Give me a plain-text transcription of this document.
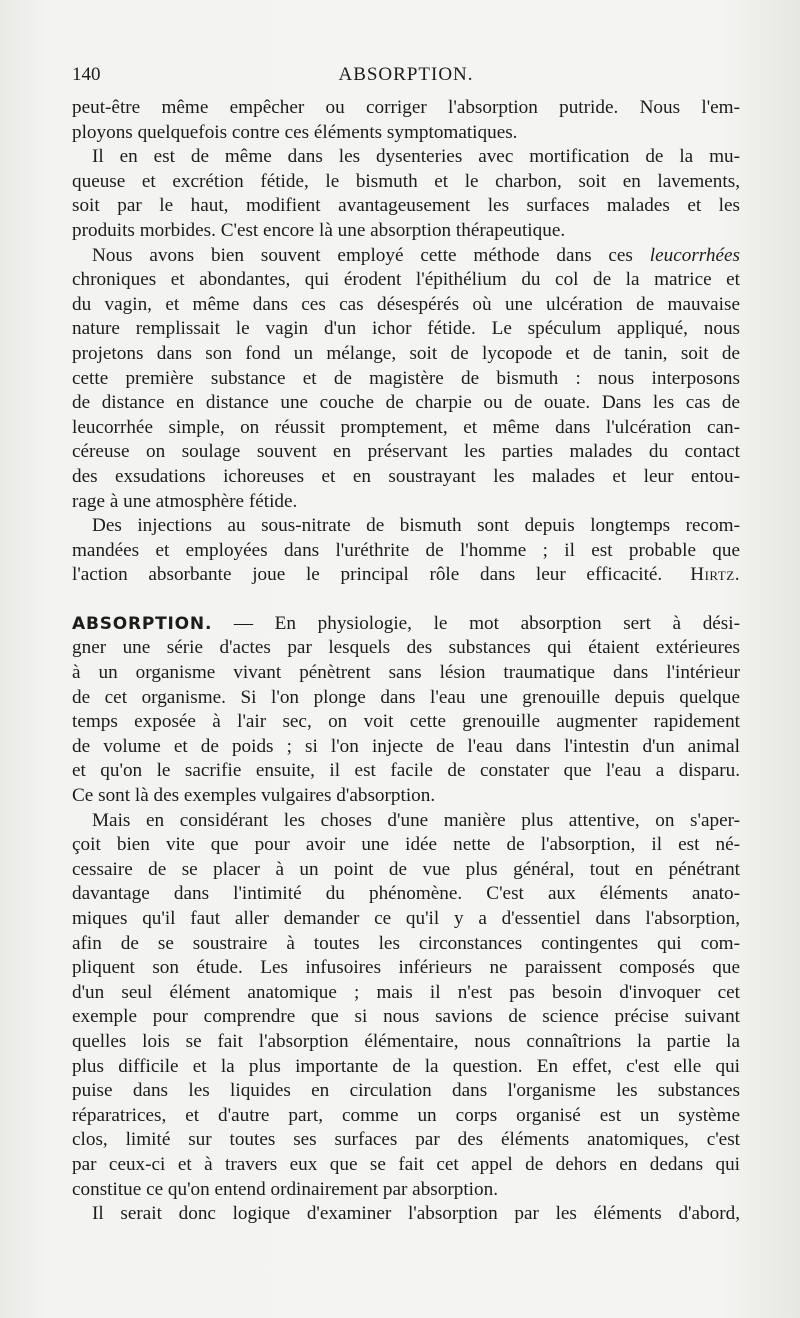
140	ABSORPTION.
peut-être même empêcher ou corriger l'absorption putride. Nous l'em-
ployons quelquefois contre ces éléments symptomatiques.
Il en est de même dans les dysenteries avec mortification de la mu-
queuse et excrétion fétide, le bismuth et le charbon, soit en lavements,
soit par le haut, modifient avantageusement les surfaces malades et les
produits morbides. C'est encore là une absorption thérapeutique.
Nous avons bien souvent employé cette méthode dans ces leucorrhées
chroniques et abondantes, qui érodent l'épithélium du col de la matrice et
du vagin, et même dans ces cas désespérés où une ulcération de mauvaise
nature remplissait le vagin d'un ichor fétide. Le spéculum appliqué, nous
projetons dans son fond un mélange, soit de lycopode et de tanin, soit de
cette première substance et de magistère de bismuth : nous interposons
de distance en distance une couche de charpie ou de ouate. Dans les cas de
leucorrhée simple, on réussit promptement, et même dans l'ulcération can-
céreuse on soulage souvent en préservant les parties malades du contact
des exsudations ichoreuses et en soustrayant les malades et leur entou-
rage à une atmosphère fétide.
Des injections au sous-nitrate de bismuth sont depuis longtemps recom-
mandées et employées dans l'uréthrite de l'homme ; il est probable que
l'action absorbante joue le principal rôle dans leur efficacité. Hirtz.
ABSORPTION. — En physiologie, le mot absorption sert à dési-
gner une série d'actes par lesquels des substances qui étaient extérieures
à un organisme vivant pénètrent sans lésion traumatique dans l'intérieur
de cet organisme. Si l'on plonge dans l'eau une grenouille depuis quelque
temps exposée à l'air sec, on voit cette grenouille augmenter rapidement
de volume et de poids ; si l'on injecte de l'eau dans l'intestin d'un animal
et qu'on le sacrifie ensuite, il est facile de constater que l'eau a disparu.
Ce sont là des exemples vulgaires d'absorption.
Mais en considérant les choses d'une manière plus attentive, on s'aper-
çoit bien vite que pour avoir une idée nette de l'absorption, il est né-
cessaire de se placer à un point de vue plus général, tout en pénétrant
davantage dans l'intimité du phénomène. C'est aux éléments anato-
miques qu'il faut aller demander ce qu'il y a d'essentiel dans l'absorption,
afin de se soustraire à toutes les circonstances contingentes qui com-
pliquent son étude. Les infusoires inférieurs ne paraissent composés que
d'un seul élément anatomique ; mais il n'est pas besoin d'invoquer cet
exemple pour comprendre que si nous savions de science précise suivant
quelles lois se fait l'absorption élémentaire, nous connaîtrions la partie la
plus difficile et la plus importante de la question. En effet, c'est elle qui
puise dans les liquides en circulation dans l'organisme les substances
réparatrices, et d'autre part, comme un corps organisé est un système
clos, limité sur toutes ses surfaces par des éléments anatomiques, c'est
par ceux-ci et à travers eux que se fait cet appel de dehors en dedans qui
constitue ce qu'on entend ordinairement par absorption.
Il serait donc logique d'examiner l'absorption par les éléments d'abord,
